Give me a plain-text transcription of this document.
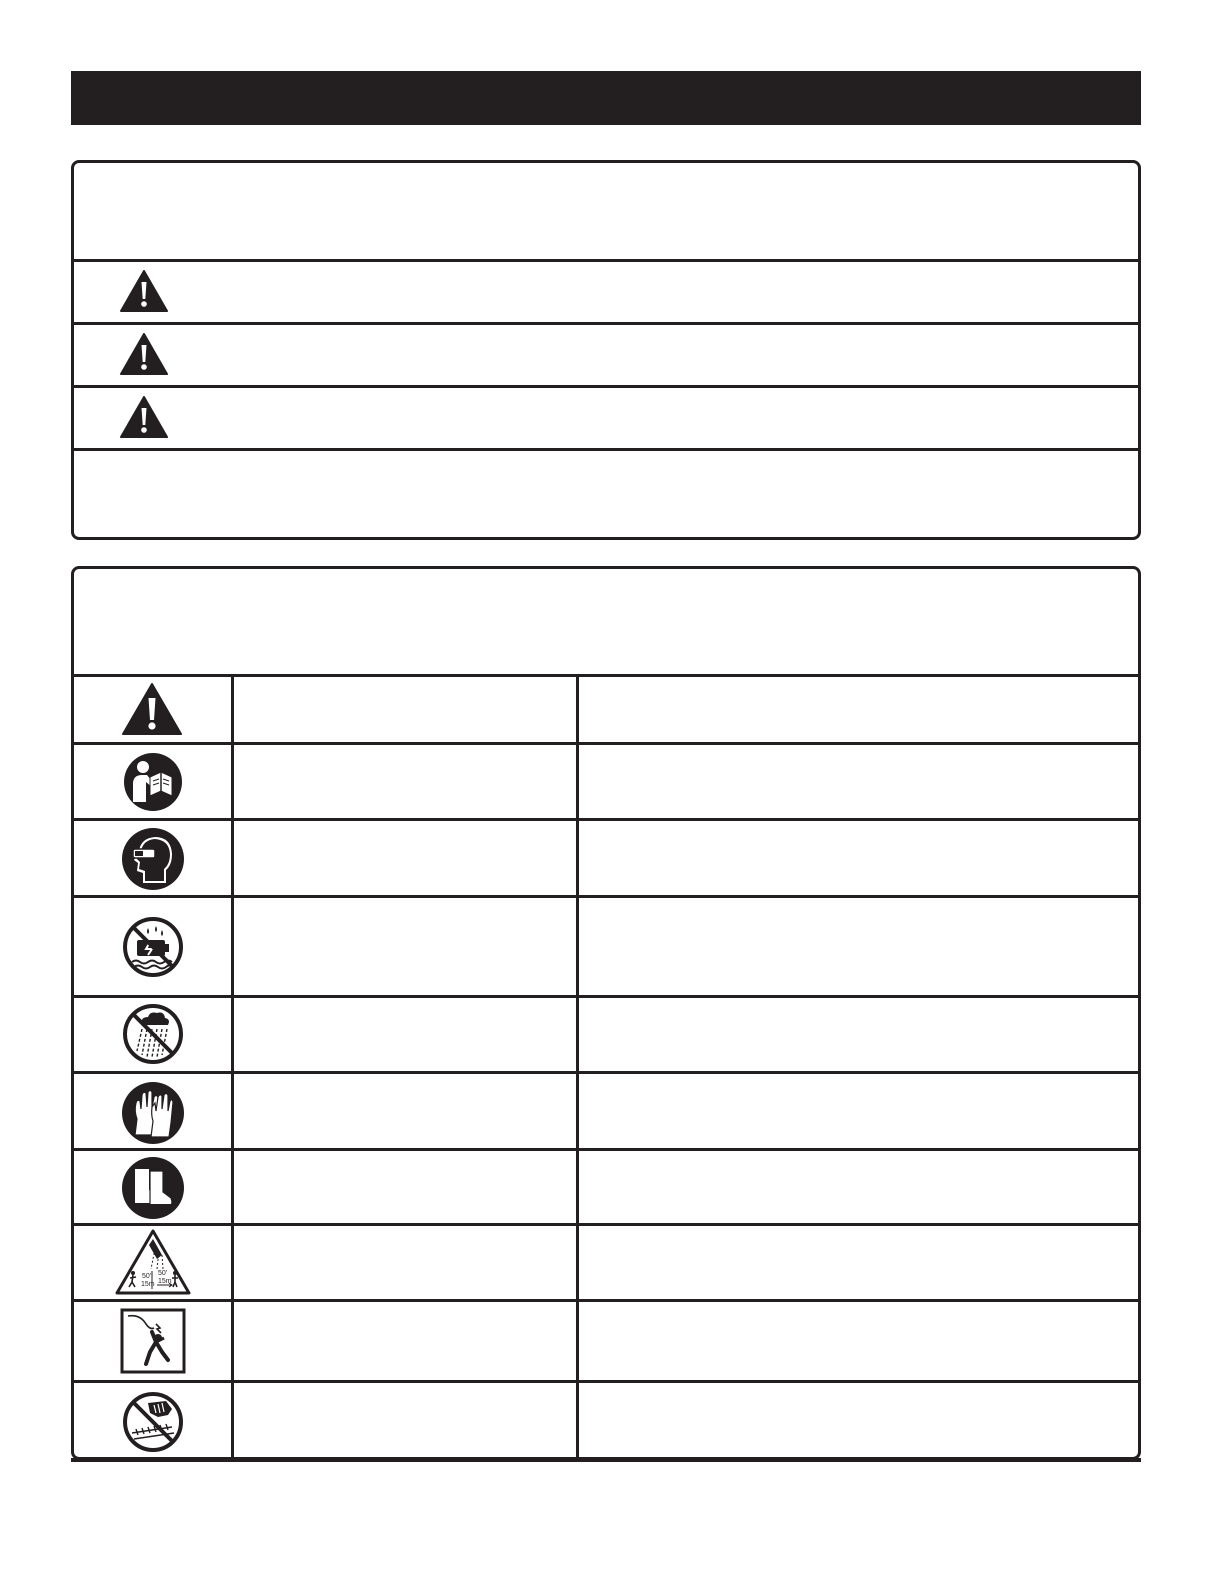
50'
15m
50'
15m
